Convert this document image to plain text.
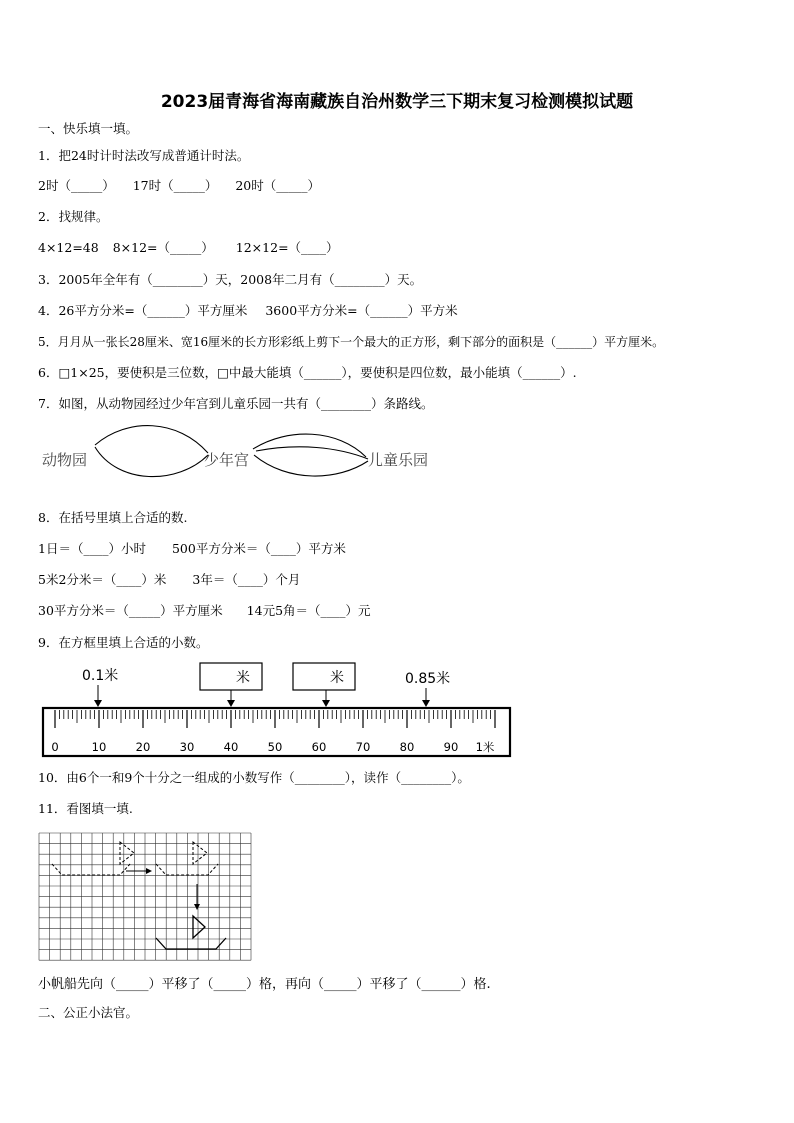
2023届青海省海南藏族自治州数学三下期末复习检测模拟试题
一、快乐填一填。
1．把24时计时法改写成普通计时法。
2时（_____） 17时（_____） 20时（_____）
2．找规律。
4×12=48 8×12=（_____） 12×12=（____）
3．2005年全年有（________）天，2008年二月有（________）天。
4．26平方分米=（______）平方厘米 3600平方分米=（______）平方米
5．月月从一张长28厘米、宽16厘米的长方形彩纸上剪下一个最大的正方形，剩下部分的面积是（______）平方厘米。
6．□1×25，要使积是三位数，□中最大能填（______），要使积是四位数，最小能填（______）.
7．如图，从动物园经过少年宫到儿童乐园一共有（________）条路线。
动物园	少年宫	儿童乐园
8．在括号里填上合适的数.
1日＝（____）小时 500平方分米＝（____）平方米
5米2分米＝（____）米 3年＝（____）个月
30平方分米＝（_____）平方厘米 14元5角＝（____）元
9．在方框里填上合适的小数。
0.1米	米	米	0.85米
0	10	20	30	40	50	60	70	80	90 1米
10．由6个一和9个十分之一组成的小数写作（________），读作（________）。
11．看图填一填.
小帆船先向（_____）平移了（_____）格，再向（_____）平移了（______）格.
二、公正小法官。
